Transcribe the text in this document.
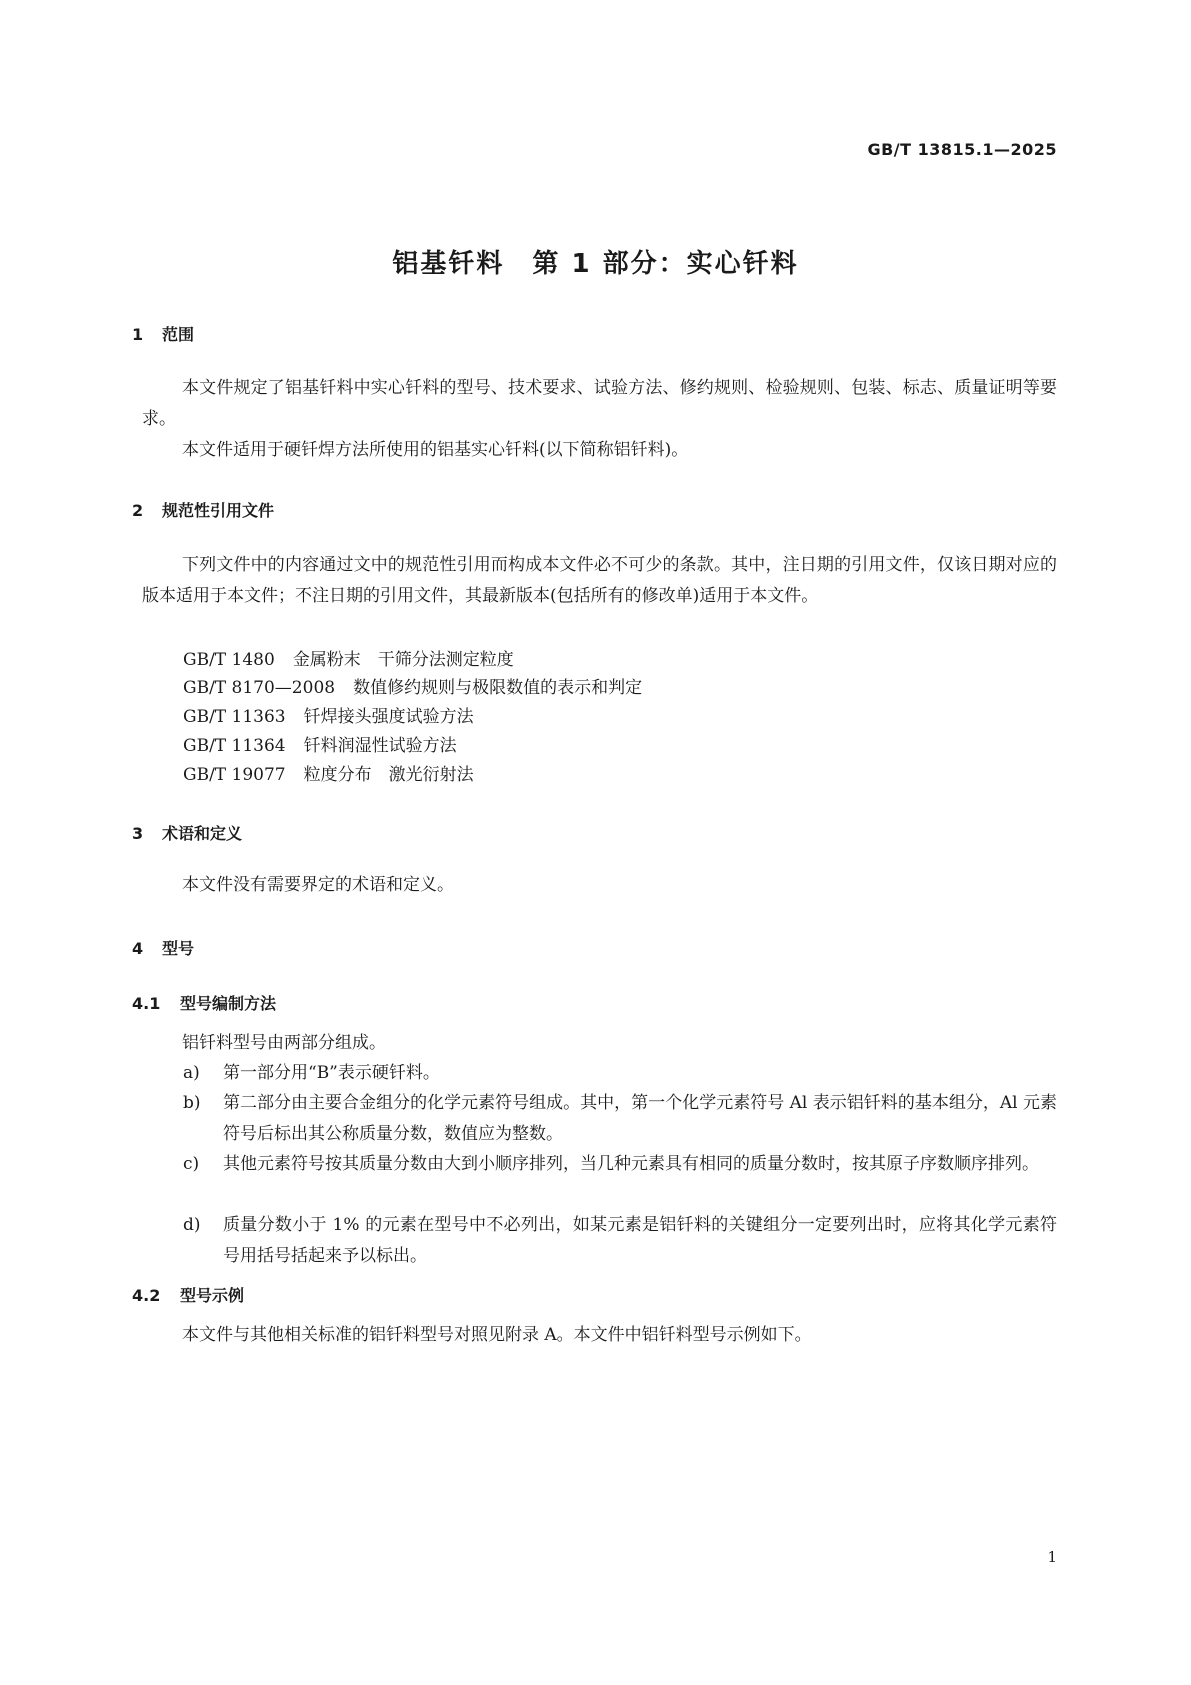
GB/T 13815.1—2025
铝基钎料　第 1 部分：实心钎料
1 范围
本文件规定了铝基钎料中实心钎料的型号、技术要求、试验方法、修约规则、检验规则、包装、标志、质量证明等要求。
本文件适用于硬钎焊方法所使用的铝基实心钎料(以下简称铝钎料)。
2 规范性引用文件
下列文件中的内容通过文中的规范性引用而构成本文件必不可少的条款。其中，注日期的引用文件，仅该日期对应的版本适用于本文件；不注日期的引用文件，其最新版本(包括所有的修改单)适用于本文件。
GB/T 1480 金属粉末　干筛分法测定粒度
GB/T 8170—2008 数值修约规则与极限数值的表示和判定
GB/T 11363 钎焊接头强度试验方法
GB/T 11364 钎料润湿性试验方法
GB/T 19077 粒度分布　激光衍射法
3 术语和定义
本文件没有需要界定的术语和定义。
4 型号
4.1 型号编制方法
铝钎料型号由两部分组成。
a) 第一部分用“B”表示硬钎料。
b) 第二部分由主要合金组分的化学元素符号组成。其中，第一个化学元素符号 Al 表示铝钎料的基本组分，Al 元素符号后标出其公称质量分数，数值应为整数。
c) 其他元素符号按其质量分数由大到小顺序排列，当几种元素具有相同的质量分数时，按其原子序数顺序排列。
d) 质量分数小于 1% 的元素在型号中不必列出，如某元素是铝钎料的关键组分一定要列出时，应将其化学元素符号用括号括起来予以标出。
4.2 型号示例
本文件与其他相关标准的铝钎料型号对照见附录 A。本文件中铝钎料型号示例如下。
1
